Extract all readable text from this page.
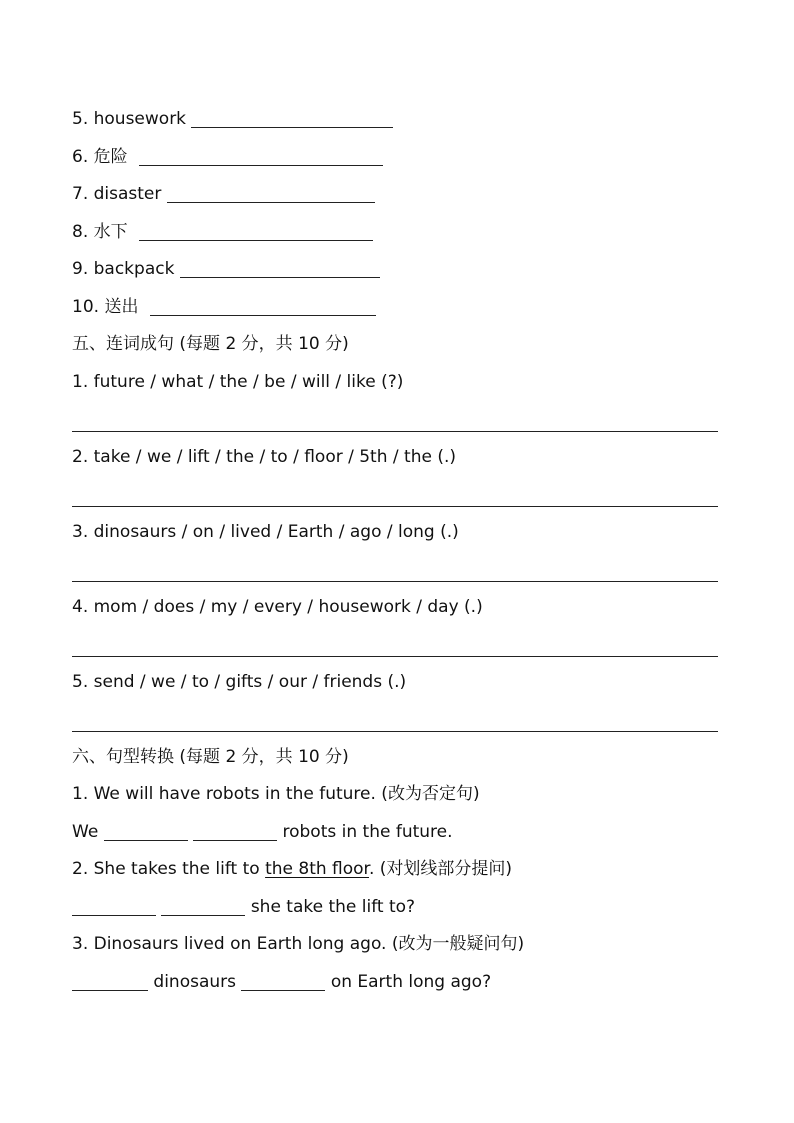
5. housework
6. 危险
7. disaster
8. 水下
9. backpack
10. 送出
五、连词成句 (每题 2 分，共 10 分)
1. future / what / the / be / will / like (?)
2. take / we / lift / the / to / floor / 5th / the (.)
3. dinosaurs / on / lived / Earth / ago / long (.)
4. mom / does / my / every / housework / day (.)
5. send / we / to / gifts / our / friends (.)
六、句型转换 (每题 2 分，共 10 分)
1. We will have robots in the future. (改为否定句)
We	robots in the future.
2. She takes the lift to the 8th floor. (对划线部分提问)
she take the lift to?
3. Dinosaurs lived on Earth long ago. (改为一般疑问句)
dinosaurs	on Earth long ago?
